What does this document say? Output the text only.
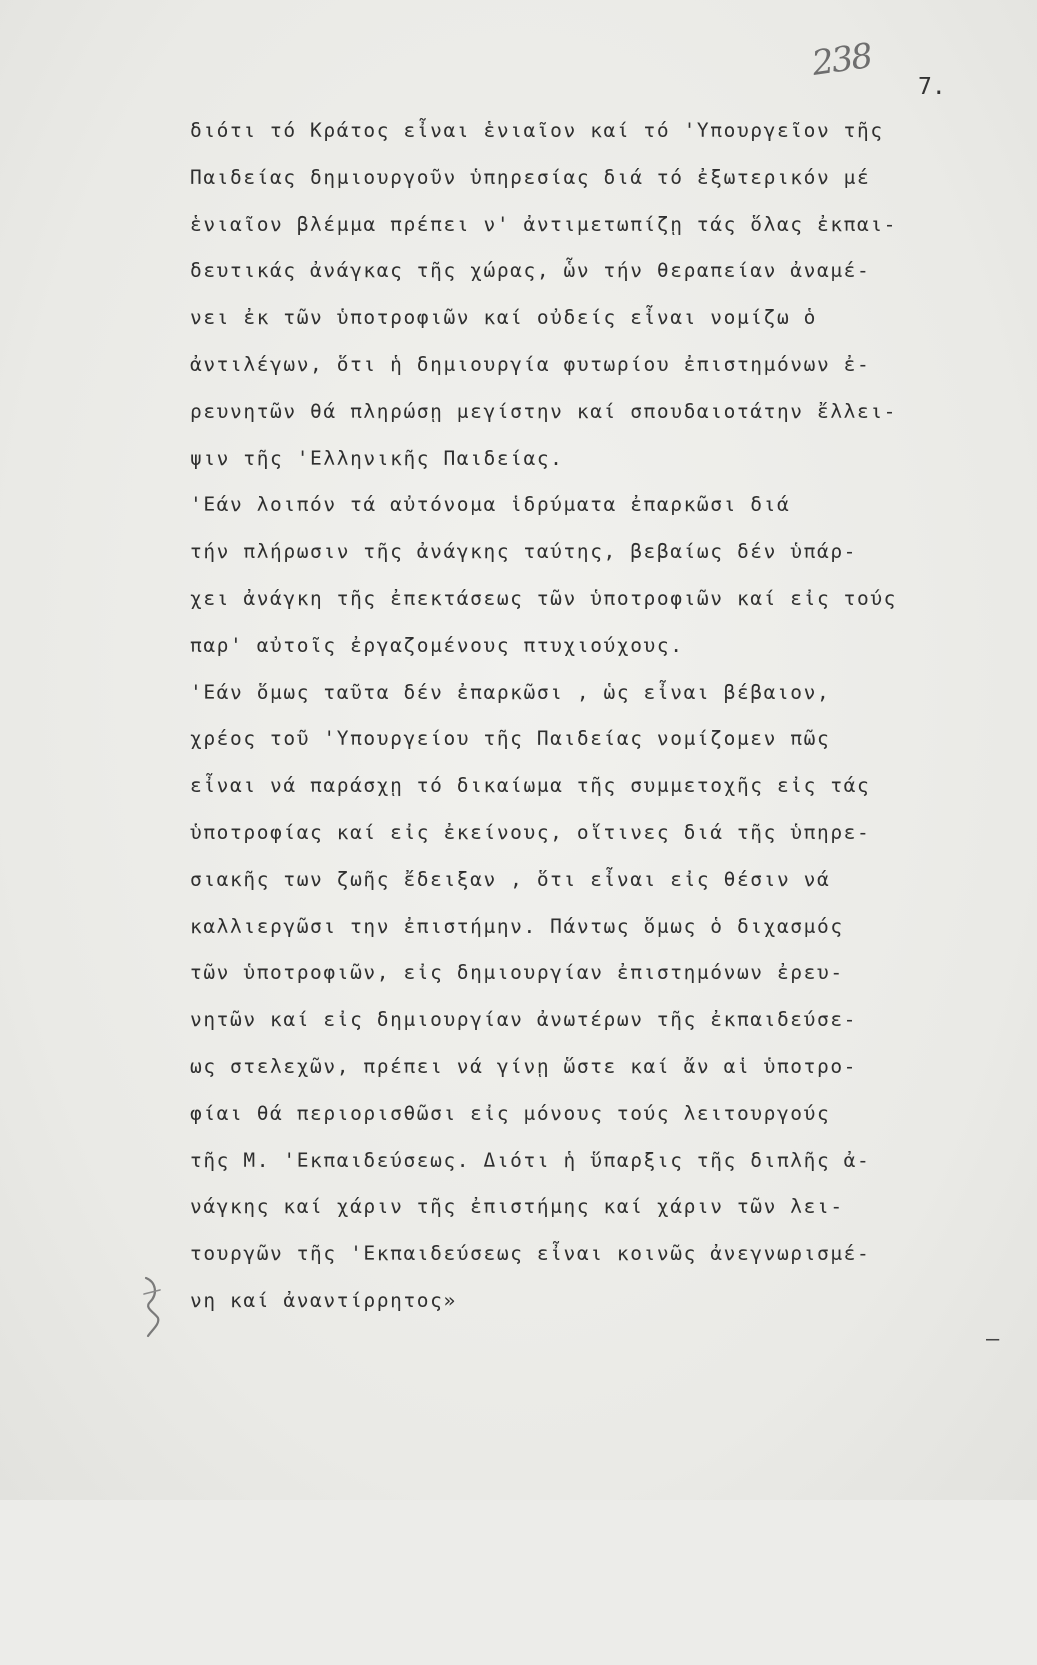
238
7.
διότι τό Κράτος εἶναι ἑνιαῖον καί τό 'Υπουργεῖον τῆς
Παιδείας δημιουργοῦν ὑπηρεσίας διά τό ἐξωτερικόν μέ
ἑνιαῖον βλέμμα πρέπει ν' ἀντιμετωπίζῃ τάς ὅλας ἐκπαι-
δευτικάς ἀνάγκας τῆς χώρας, ὧν τήν θεραπείαν ἀναμέ-
νει ἐκ τῶν ὑποτροφιῶν καί οὐδείς εἶναι νομίζω ὁ
ἀντιλέγων, ὅτι ἡ δημιουργία φυτωρίου ἐπιστημόνων ἐ-
ρευνητῶν θά πληρώσῃ μεγίστην καί σπουδαιοτάτην ἔλλει-
ψιν τῆς 'Ελληνικῆς Παιδείας.
'Εάν λοιπόν τά αὐτόνομα ἱδρύματα ἐπαρκῶσι διά
τήν πλήρωσιν τῆς ἀνάγκης ταύτης, βεβαίως δέν ὑπάρ-
χει ἀνάγκη τῆς ἐπεκτάσεως τῶν ὑποτροφιῶν καί εἰς τούς
παρ' αὐτοῖς ἐργαζομένους πτυχιούχους.
'Εάν ὅμως ταῦτα δέν ἐπαρκῶσι , ὡς εἶναι βέβαιον,
χρέος τοῦ 'Υπουργείου τῆς Παιδείας νομίζομεν πῶς
εἶναι νά παράσχῃ τό δικαίωμα τῆς συμμετοχῆς εἰς τάς
ὑποτροφίας καί εἰς ἐκείνους, οἵτινες διά τῆς ὑπηρε-
σιακῆς των ζωῆς ἔδειξαν , ὅτι εἶναι εἰς θέσιν νά
καλλιεργῶσι την ἐπιστήμην. Πάντως ὅμως ὁ διχασμός
τῶν ὑποτροφιῶν, εἰς δημιουργίαν ἐπιστημόνων ἐρευ-
νητῶν καί εἰς δημιουργίαν ἀνωτέρων τῆς ἐκπαιδεύσε-
ως στελεχῶν, πρέπει νά γίνῃ ὥστε καί ἄν αἱ ὑποτρο-
φίαι θά περιορισθῶσι εἰς μόνους τούς λειτουργούς
τῆς Μ. 'Εκπαιδεύσεως. Διότι ἡ ὕπαρξις τῆς διπλῆς ἀ-
νάγκης καί χάριν τῆς ἐπιστήμης καί χάριν τῶν λει-
τουργῶν τῆς 'Εκπαιδεύσεως εἶναι κοινῶς ἀνεγνωρισμέ-
νη καί ἀναντίρρητος»
—
